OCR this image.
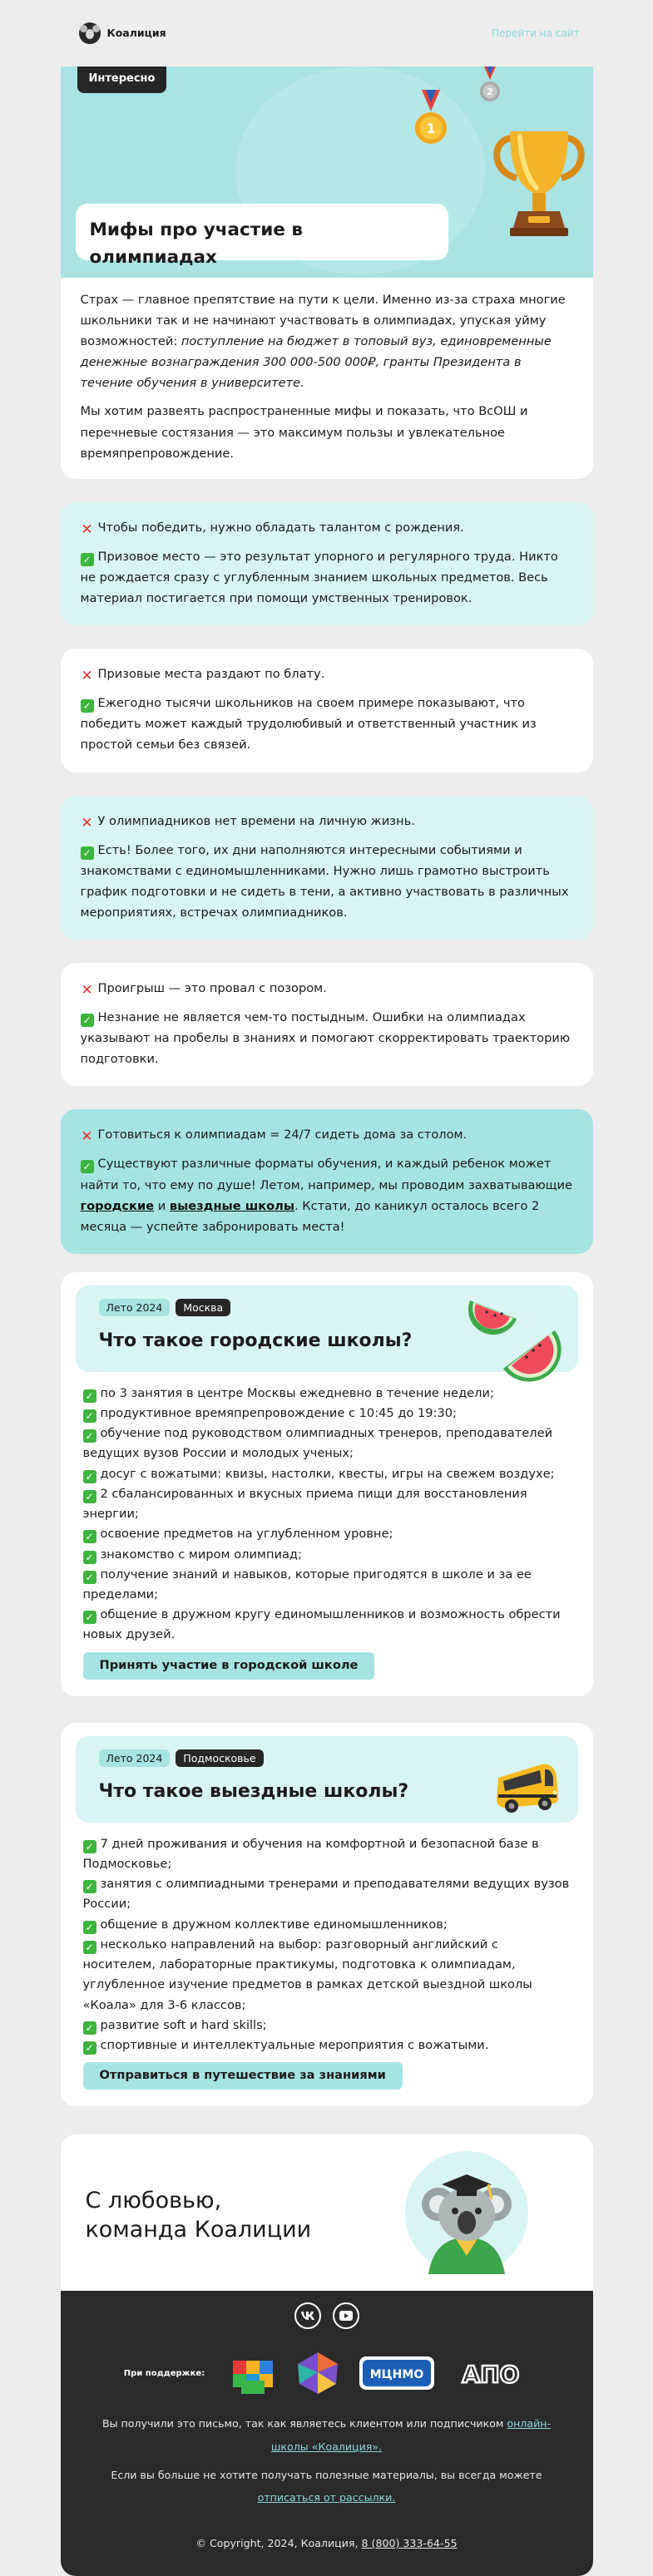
Коалиция	Перейти на сайт
Интересно
2
1
Мифы про участие в олимпиадах

Страх — главное препятствие на пути к цели. Именно из-за страха многие школьники так и не начинают участвовать в олимпиадах, упуская уйму возможностей: поступление на бюджет в топовый вуз, единовременные денежные вознаграждения 300 000-500 000₽, гранты Президента в течение обучения в университете.

Мы хотим развеять распространенные мифы и показать, что ВсОШ и перечневые состязания — это максимум пользы и увлекательное времяпрепровождение.

✕ Чтобы победить, нужно обладать талантом с рождения.

✓ Призовое место — это результат упорного и регулярного труда. Никто не рождается сразу с углубленным знанием школьных предметов. Весь материал постигается при помощи умственных тренировок.

✕ Призовые места раздают по блату.

✓ Ежегодно тысячи школьников на своем примере показывают, что победить может каждый трудолюбивый и ответственный участник из простой семьи без связей.

✕ У олимпиадников нет времени на личную жизнь.

✓ Есть! Более того, их дни наполняются интересными событиями и знакомствами с единомышленниками. Нужно лишь грамотно выстроить график подготовки и не сидеть в тени, а активно участвовать в различных мероприятиях, встречах олимпиадников.

✕ Проигрыш — это провал с позором.

✓ Незнание не является чем-то постыдным. Ошибки на олимпиадах указывают на пробелы в знаниях и помогают скорректировать траекторию подготовки.

✕ Готовиться к олимпиадам = 24/7 сидеть дома за столом.

✓ Существуют различные форматы обучения, и каждый ребенок может найти то, что ему по душе! Летом, например, мы проводим захватывающие городские и выездные школы. Кстати, до каникул осталось всего 2 месяца — успейте забронировать места!

Лето 2024	Москва
Что такое городские школы?
✓ по 3 занятия в центре Москвы ежедневно в течение недели;
✓ продуктивное времяпрепровождение с 10:45 до 19:30;
✓ обучение под руководством олимпиадных тренеров, преподавателей ведущих вузов России и молодых ученых;
✓ досуг с вожатыми: квизы, настолки, квесты, игры на свежем воздухе;
✓ 2 сбалансированных и вкусных приема пищи для восстановления энергии;
✓ освоение предметов на углубленном уровне;
✓ знакомство с миром олимпиад;
✓ получение знаний и навыков, которые пригодятся в школе и за ее пределами;
✓ общение в дружном кругу единомышленников и возможность обрести новых друзей.
Принять участие в городской школе
Лето 2024	Подмосковье
Что такое выездные школы?
✓ 7 дней проживания и обучения на комфортной и безопасной базе в Подмосковье;
✓ занятия с олимпиадными тренерами и преподавателями ведущих вузов России;
✓ общение в дружном коллективе единомышленников;
✓ несколько направлений на выбор: разговорный английский с носителем, лабораторные практикумы, подготовка к олимпиадам, углубленное изучение предметов в рамках детской выездной школы «Коала» для 3-6 классов;
✓ развитие soft и hard skills;
✓ спортивные и интеллектуальные мероприятия с вожатыми.
Отправиться в путешествие за знаниями
С любовью,
команда Коалиции
При поддержке:	МЦНМО АПО

Вы получили это письмо, так как являетесь клиентом или подписчиком онлайн-школы «Коалиция».

Если вы больше не хотите получать полезные материалы, вы всегда можете отписаться от рассылки.

© Copyright, 2024, Коалиция, 8 (800) 333-64-55
